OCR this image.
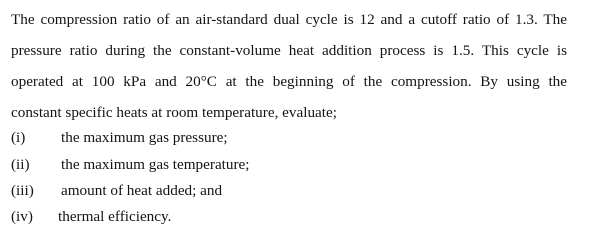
The compression ratio of an air-standard dual cycle is 12 and a cutoff ratio of 1.3. The
pressure ratio during the constant-volume heat addition process is 1.5. This cycle is
operated at 100 kPa and 20°C at the beginning of the compression. By using the
constant specific heats at room temperature, evaluate;
(i) the maximum gas pressure;
(ii) the maximum gas temperature;
(iii) amount of heat added; and
(iv) thermal efficiency.
